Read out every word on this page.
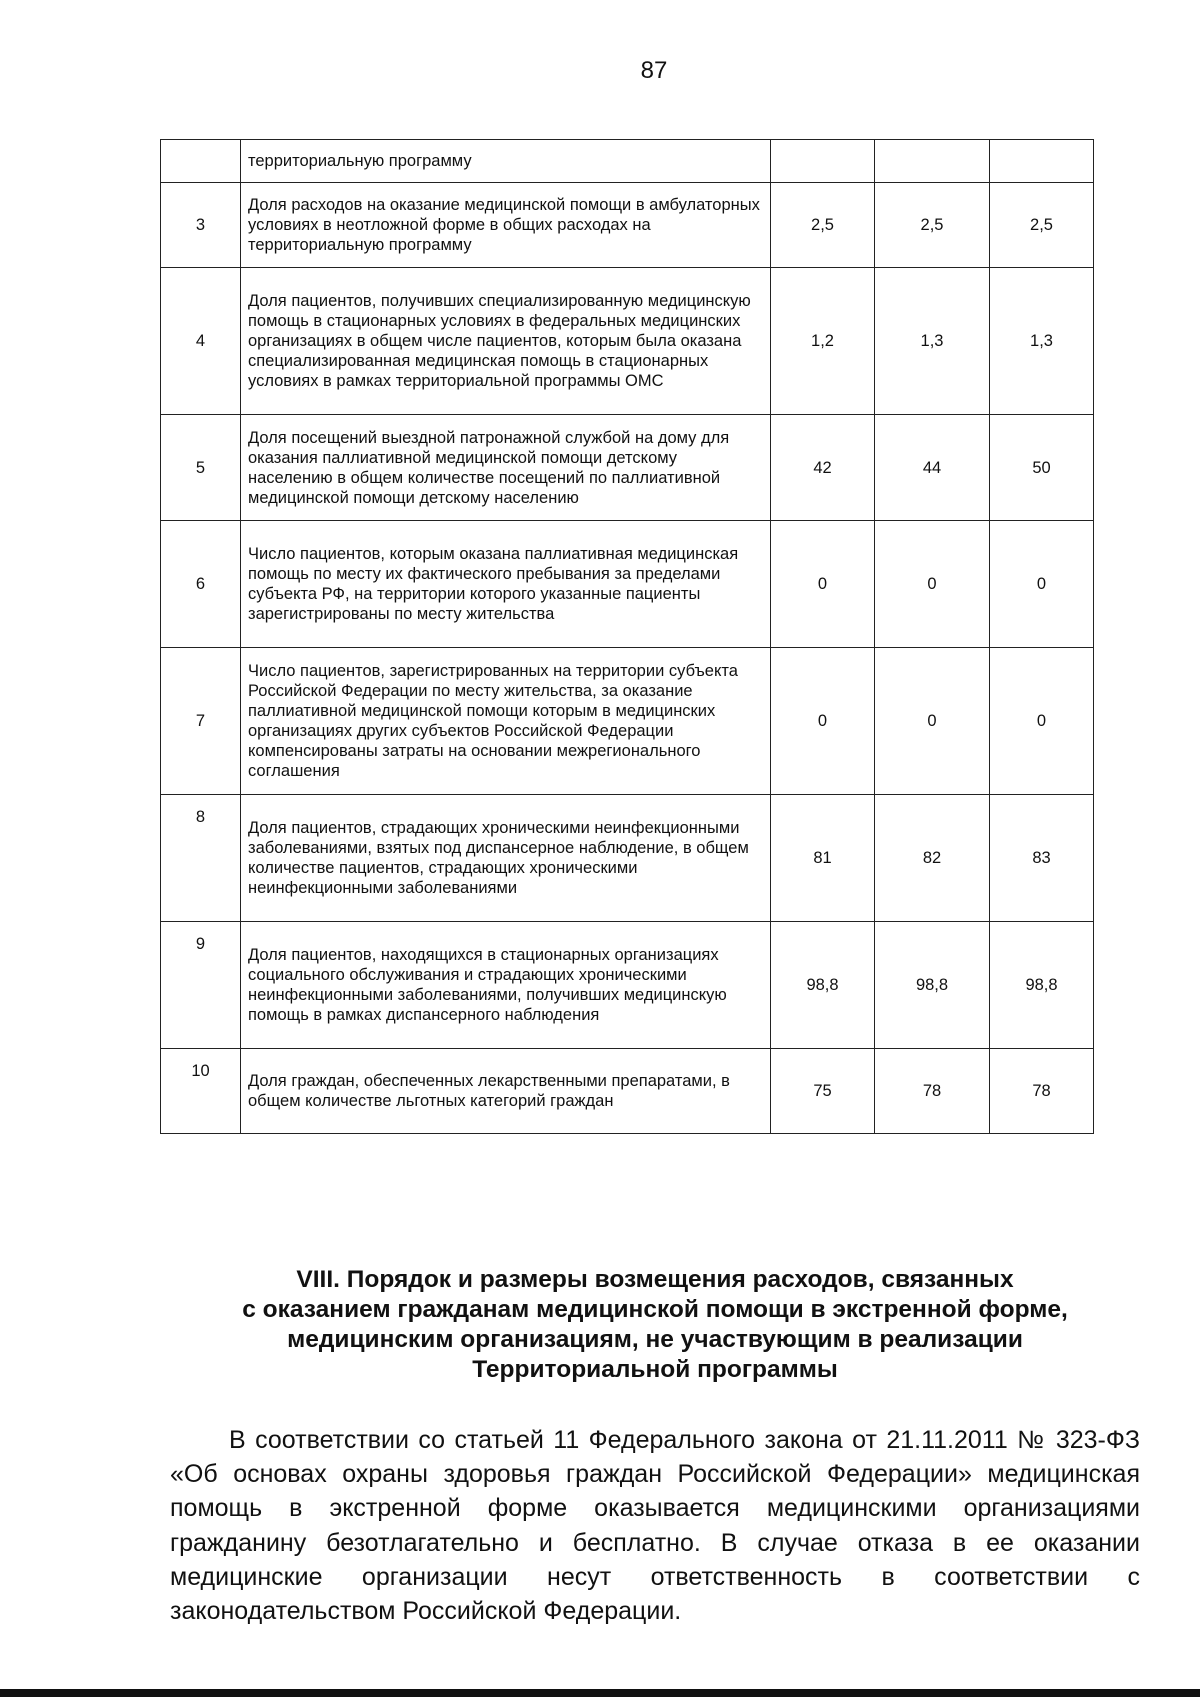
87
	территориальную программу			
3	Доля расходов на оказание медицинской помощи в амбулаторных условиях в неотложной форме в общих расходах на территориальную программу	2,5	2,5	2,5
4	Доля пациентов, получивших специализированную медицинскую помощь в стационарных условиях в федеральных медицинских организациях в общем числе пациентов, которым была оказана специализированная медицинская помощь в стационарных условиях в рамках территориальной программы ОМС	1,2	1,3	1,3
5	Доля посещений выездной патронажной службой на дому для оказания паллиативной медицинской помощи детскому населению в общем количестве посещений по паллиативной медицинской помощи детскому населению	42	44	50
6	Число пациентов, которым оказана паллиативная медицинская помощь по месту их фактического пребывания за пределами субъекта РФ, на территории которого указанные пациенты зарегистрированы по месту жительства	0	0	0
7	Число пациентов, зарегистрированных на территории субъекта Российской Федерации по месту жительства, за оказание паллиативной медицинской помощи которым в медицинских организациях других субъектов Российской Федерации компенсированы затраты на основании межрегионального соглашения	0	0	0
8	Доля пациентов, страдающих хроническими неинфекционными заболеваниями, взятых под диспансерное наблюдение, в общем количестве пациентов, страдающих хроническими неинфекционными заболеваниями	81	82	83
9	Доля пациентов, находящихся в стационарных организациях социального обслуживания и страдающих хроническими неинфекционными заболеваниями, получивших медицинскую помощь в рамках диспансерного наблюдения	98,8	98,8	98,8
10	Доля граждан, обеспеченных лекарственными препаратами, в общем количестве льготных категорий граждан	75	78	78
VIII. Порядок и размеры возмещения расходов, связанных
с оказанием гражданам медицинской помощи в экстренной форме,
медицинским организациям, не участвующим в реализации
Территориальной программы

В соответствии со статьей 11 Федерального закона от 21.11.2011 № 323-ФЗ «Об основах охраны здоровья граждан Российской Федерации» медицинская помощь в экстренной форме оказывается медицинскими организациями гражданину безотлагательно и бесплатно. В случае отказа в ее оказании медицинские организации несут ответственность в соответствии с законодательством Российской Федерации.
